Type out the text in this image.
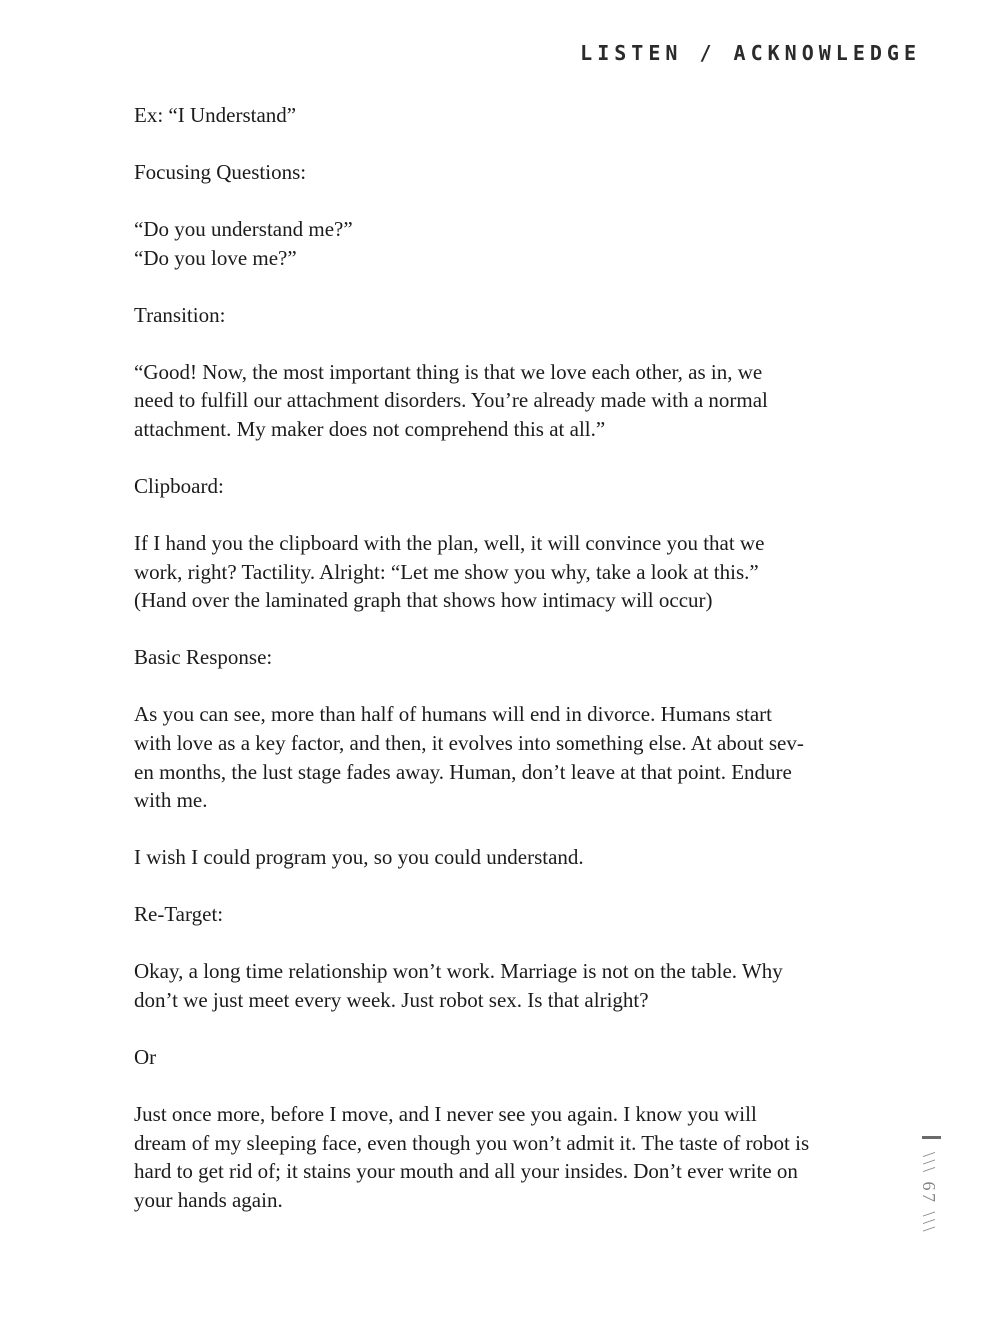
LISTEN / ACKNOWLEDGE
Ex: “I Understand”
Focusing Questions:
“Do you understand me?”
“Do you love me?”
Transition:
“Good! Now, the most important thing is that we love each other, as in, we
need to fulfill our attachment disorders. You’re already made with a normal
attachment. My maker does not comprehend this at all.”
Clipboard:
If I hand you the clipboard with the plan, well, it will convince you that we
work, right? Tactility. Alright: “Let me show you why, take a look at this.”
(Hand over the laminated graph that shows how intimacy will occur)
Basic Response:
As you can see, more than half of humans will end in divorce. Humans start
with love as a key factor, and then, it evolves into something else. At about sev-
en months, the lust stage fades away. Human, don’t leave at that point. Endure
with me.
I wish I could program you, so you could understand.
Re-Target:
Okay, a long time relationship won’t work. Marriage is not on the table. Why
don’t we just meet every week. Just robot sex. Is that alright?
Or
Just once more, before I move, and I never see you again. I know you will
dream of my sleeping face, even though you won’t admit it. The taste of robot is
hard to get rid of; it stains your mouth and all your insides. Don’t ever write on
your hands again.	\\\ 67 \\\
